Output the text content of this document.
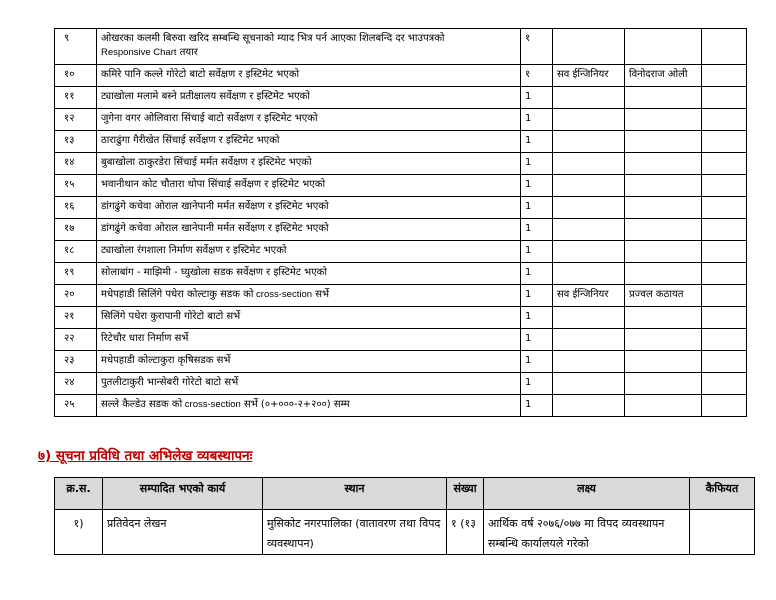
९	ओखरका कलमी बिरुवा खरिद सम्बन्धि सूचनाको म्याद भित्र पर्न आएका शिलबन्दि दर भाउपत्रको
Responsive Chart तयार	१			
१०	कमिरे पानि कल्ले गोरेटो बाटो सर्वेक्षण र इस्टिमेट भएको	१	सव ईन्जिनियर	विनोदराज ओली	
११	ट्याखोला मलामे बस्ने प्रतीक्षालय सर्वेक्षण र इस्टिमेट भएको	1			
१२	जुगेना वगर ओलिवारा सिंचाई बाटो सर्वेक्षण र इस्टिमेट भएको	1			
१३	ठाराढुंगा गैरीखेत सिंचाई सर्वेक्षण र इस्टिमेट भएको	1			
१४	बुबाखोला ठाकुरडेरा सिंचाई मर्मत सर्वेक्षण र इस्टिमेट भएको	1			
१५	भवानीथान कोट चौतारा थोपा सिंचाई सर्वेक्षण र इस्टिमेट भएको	1			
१६	डांगढुंगे कचेवा ओराल खानेपानी मर्मत सर्वेक्षण र इस्टिमेट भएको	1			
१७	डांगढुंगे कचेवा ओराल खानेपानी मर्मत सर्वेक्षण र इस्टिमेट भएको	1			
१८	ट्याखोला रंगशाला निर्माण सर्वेक्षण र इस्टिमेट भएको	1			
१९	सोलाबांग - माझिमी - घ्युखोला सडक सर्वेक्षण र इस्टिमेट भएको	1			
२०	मधेपहाडी सिलिंगे पधेरा कोल्टाकु सडक को cross-section सर्भे	1	सव ईन्जिनियर	प्रज्वल कठायत	
२१	सिलिंगे पधेरा कुरापानी गोरेटो बाटो सर्भे	1			
२२	रिटेचौर धारा निर्माण सर्भे	1			
२३	मधेपहाडी कोल्टाकुरा कृषिसडक सर्भे	1			
२४	पुतलीटाकुरी भान्सेबरी गोरेटो बाटो सर्भे	1			
२५	सल्ले कैल्डेउ सडक को cross-section सर्भे (०+०००-२+२००) सम्म	1			
७) सूचना प्रविधि तथा अभिलेख व्यबस्थापनः
क्र.स.	सम्पादित भएको कार्य	स्थान	संख्या	लक्ष्य	कैफियत
१)	प्रतिवेदन लेखन	मुसिकोट नगरपालिका (वातावरण तथा विपद व्यवस्थापन)	१ (१३	आर्थिक वर्ष २०७६/०७७ मा विपद व्यवस्थापन सम्बन्धि कार्यालयले गरेको	
